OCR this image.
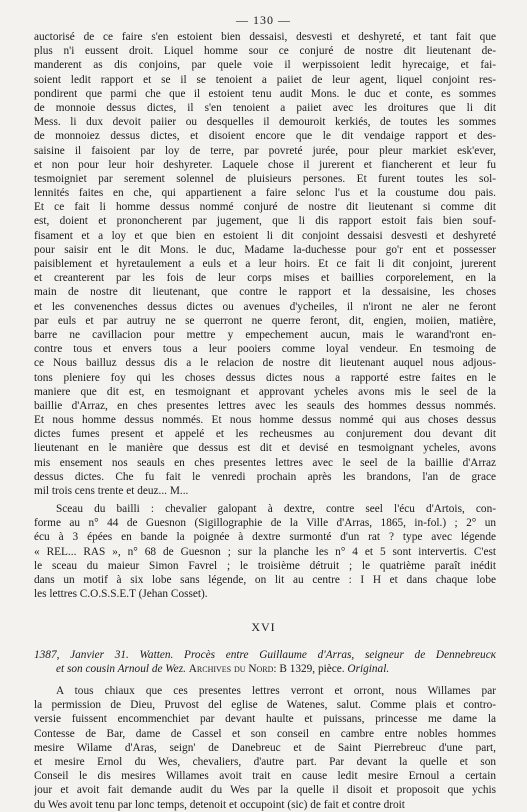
— 130 —
auctorisé de ce faire s'en estoient bien dessaisi, desvesti et deshyreté, et tant fait que
plus n'i eussent droit. Liquel homme sour ce conjuré de nostre dit lieutenant de-
manderent as dis conjoins, par quele voie il werpissoient ledit hyrecaige, et fai-
soient ledit rapport et se il se tenoient a paiiet de leur agent, liquel conjoint res-
pondirent que parmi che que il estoient tenu audit Mons. le duc et conte, es sommes
de monnoie dessus dictes, il s'en tenoient a paiiet avec les droitures que li dit
Mess. li dux devoit paiier ou desquelles il demouroit kerkiés, de toutes les sommes
de monnoiez dessus dictes, et disoient encore que le dit vendaige rapport et des-
saisine il faisoient par loy de terre, par povreté jurée, pour pleur markiet esk'ever,
et non pour leur hoir deshyreter. Laquele chose il jurerent et fiancherent et leur fu
tesmoigniet par serement solennel de pluisieurs persones. Et furent toutes les sol-
lennités faites en che, qui appartienent a faire selonc l'us et la coustume dou pais.
Et ce fait li homme dessus nommé conjuré de nostre dit lieutenant si comme dit
est, doient et prononcherent par jugement, que li dis rapport estoit fais bien souf-
fisament et a loy et que bien en estoient li dit conjoint dessaisi desvesti et deshyreté
pour saisir ent le dit Mons. le duc, Madame la-duchesse pour go'r ent et possesser
paisiblement et hyretaulement a euls et a leur hoirs. Et ce fait li dit conjoint, jurerent
et creanterent par les fois de leur corps mises et baillies corporelement, en la
main de nostre dit lieutenant, que contre le rapport et la dessaisine, les choses
et les convenenches dessus dictes ou avenues d'ycheiles, il n'iront ne aler ne feront
par euls et par autruy ne se querront ne querre feront, dit, engien, moiien, matière,
barre ne cavillacion pour mettre y empechement aucun, mais le warand'ront en-
contre tous et envers tous a leur pooiers comme loyal vendeur. En tesmoing de
ce Nous bailluz dessus dis a le relacion de nostre dit lieutenant auquel nous adjous-
tons pleniere foy qui les choses dessus dictes nous a rapporté estre faites en le
maniere que dit est, en tesmoignant et approvant ycheles avons mis le seel de la
baillie d'Arraz, en ches presentes lettres avec les seauls des hommes dessus nommés.
Et nous homme dessus nommés. Et nous homme dessus nommé qui aus choses dessus
dictes fumes present et appelé et les recheusmes au conjurement dou devant dit
lieutenant en le manière que dessus est dit et devisé en tesmoignant ycheles, avons
mis ensement nos seauls en ches presentes lettres avec le seel de la baillie d'Arraz
dessus dictes. Che fu fait le venredi prochain après les brandons, l'an de grace
mil trois cens trente et deuz... M...
Sceau du bailli : chevalier galopant à dextre, contre seel l'écu d'Artois, con-
forme au n° 44 de Guesnon (Sigillographie de la Ville d'Arras, 1865, in-fol.) ; 2° un
écu à 3 épées en bande la poignée à dextre surmonté d'un rat ? type avec légende
« REL... RAS », n° 68 de Guesnon ; sur la planche les n° 4 et 5 sont intervertis. C'est
le sceau du maieur Simon Favrel ; le troisième détruit ; le quatrième paraît inédit
dans un motif à six lobe sans légende, on lit au centre : I H et dans chaque lobe
les lettres C.O.S.S.E.T (Jehan Cosset).
XVI
1387, Janvier 31. Watten. Procès entre Guillaume d'Arras, seigneur de Dennebreucк
et son cousin Arnoul de Wez. Archives du Nord: B 1329, pièce. Original.
A tous chiaux que ces presentes lettres verront et orront, nous Willames par
la permission de Dieu, Pruvost del eglise de Watenes, salut. Comme plais et contro-
versie fuissent encommenchiet par devant haulte et puissans, princesse me dame la
Contesse de Bar, dame de Cassel et son conseil en cambre entre nobles hommes
mesire Wilame d'Aras, seign' de Danebreuc et de Saint Pierrebreuc d'une part,
et mesire Ernol du Wes, chevaliers, d'autre part. Par devant la quelle et son
Conseil le dis mesires Willames avoit trait en cause ledit mesire Ernoul a certain
jour et avoit fait demande audit du Wes par la quelle il disoit et proposoit que ychis
du Wes avoit tenu par lonc temps, detenoit et occupoint (sic) de fait et contre droit
